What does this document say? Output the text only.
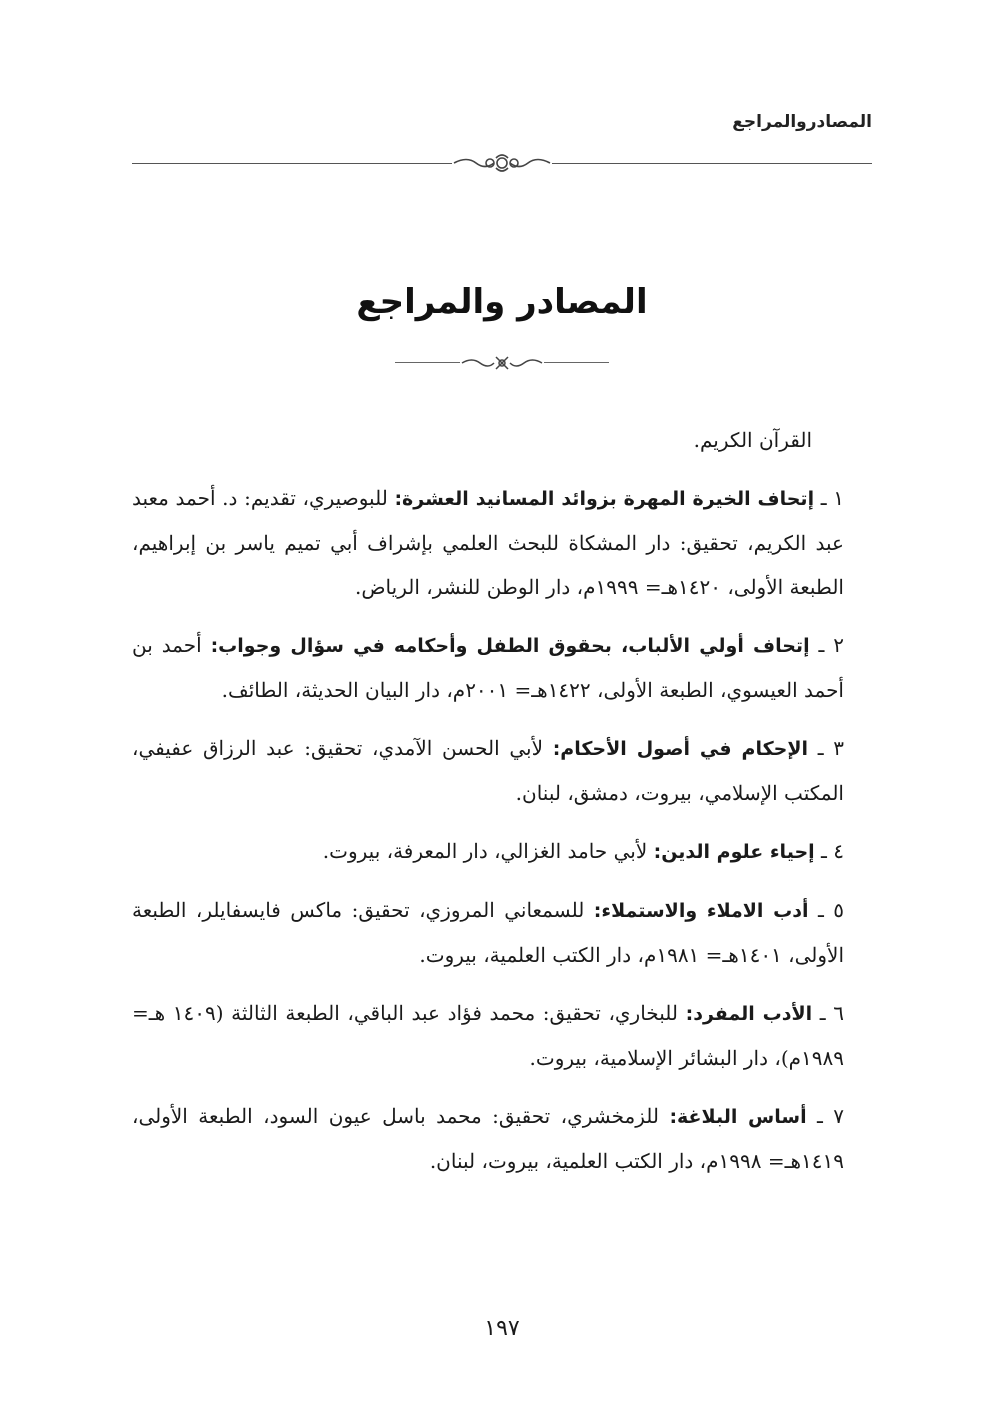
المصادروالمراجع
المصادر والمراجع

القرآن الكريم.

١ ـ إتحاف الخيرة المهرة بزوائد المسانيد العشرة: للبوصيري، تقديم: د. أحمد معبد عبد الكريم، تحقيق: دار المشكاة للبحث العلمي بإشراف أبي تميم ياسر بن إبراهيم، الطبعة الأولى، ١٤٢٠هـ= ١٩٩٩م، دار الوطن للنشر، الرياض.

٢ ـ إتحاف أولي الألباب، بحقوق الطفل وأحكامه في سؤال وجواب: أحمد بن أحمد العيسوي، الطبعة الأولى، ١٤٢٢هـ= ٢٠٠١م، دار البيان الحديثة، الطائف.

٣ ـ الإحكام في أصول الأحكام: لأبي الحسن الآمدي، تحقيق: عبد الرزاق عفيفي، المكتب الإسلامي، بيروت، دمشق، لبنان.

٤ ـ إحياء علوم الدين: لأبي حامد الغزالي، دار المعرفة، بيروت.

٥ ـ أدب الاملاء والاستملاء: للسمعاني المروزي، تحقيق: ماكس فايسفايلر، الطبعة الأولى، ١٤٠١هـ= ١٩٨١م، دار الكتب العلمية، بيروت.

٦ ـ الأدب المفرد: للبخاري، تحقيق: محمد فؤاد عبد الباقي، الطبعة الثالثة (١٤٠٩ هـ= ١٩٨٩م)، دار البشائر الإسلامية، بيروت.

٧ ـ أساس البلاغة: للزمخشري، تحقيق: محمد باسل عيون السود، الطبعة الأولى، ١٤١٩هـ= ١٩٩٨م، دار الكتب العلمية، بيروت، لبنان.

١٩٧
